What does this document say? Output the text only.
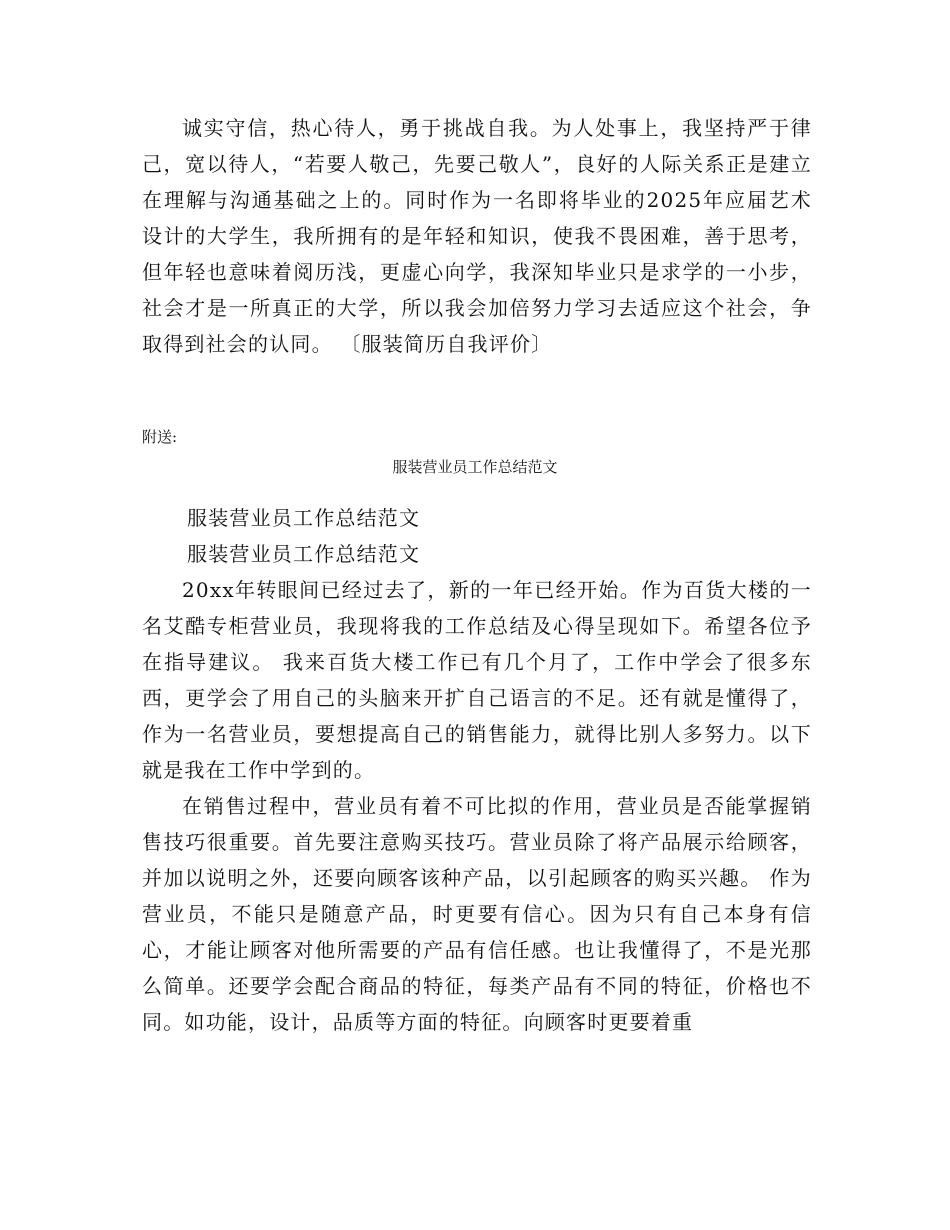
诚实守信，热心待人，勇于挑战自我。为人处事上，我坚持严于律己，宽以待人，“若要人敬己，先要己敬人”，良好的人际关系正是建立在理解与沟通基础之上的。同时作为一名即将毕业的2025年应届艺术设计的大学生，我所拥有的是年轻和知识，使我不畏困难，善于思考，但年轻也意味着阅历浅，更虚心向学，我深知毕业只是求学的一小步，社会才是一所真正的大学，所以我会加倍努力学习去适应这个社会，争取得到社会的认同。 〔服装简历自我评价〕

附送:

服装营业员工作总结范文

服装营业员工作总结范文

服装营业员工作总结范文

20xx年转眼间已经过去了，新的一年已经开始。作为百货大楼的一名艾酷专柜营业员，我现将我的工作总结及心得呈现如下。希望各位予在指导建议。 我来百货大楼工作已有几个月了，工作中学会了很多东西，更学会了用自己的头脑来开扩自己语言的不足。还有就是懂得了，作为一名营业员，要想提高自己的销售能力，就得比别人多努力。以下就是我在工作中学到的。

在销售过程中，营业员有着不可比拟的作用，营业员是否能掌握销售技巧很重要。首先要注意购买技巧。营业员除了将产品展示给顾客，并加以说明之外，还要向顾客该种产品，以引起顾客的购买兴趣。 作为营业员，不能只是随意产品，时更要有信心。因为只有自己本身有信心，才能让顾客对他所需要的产品有信任感。也让我懂得了，不是光那么简单。还要学会配合商品的特征，每类产品有不同的特征，价格也不同。如功能，设计，品质等方面的特征。向顾客时更要着重
